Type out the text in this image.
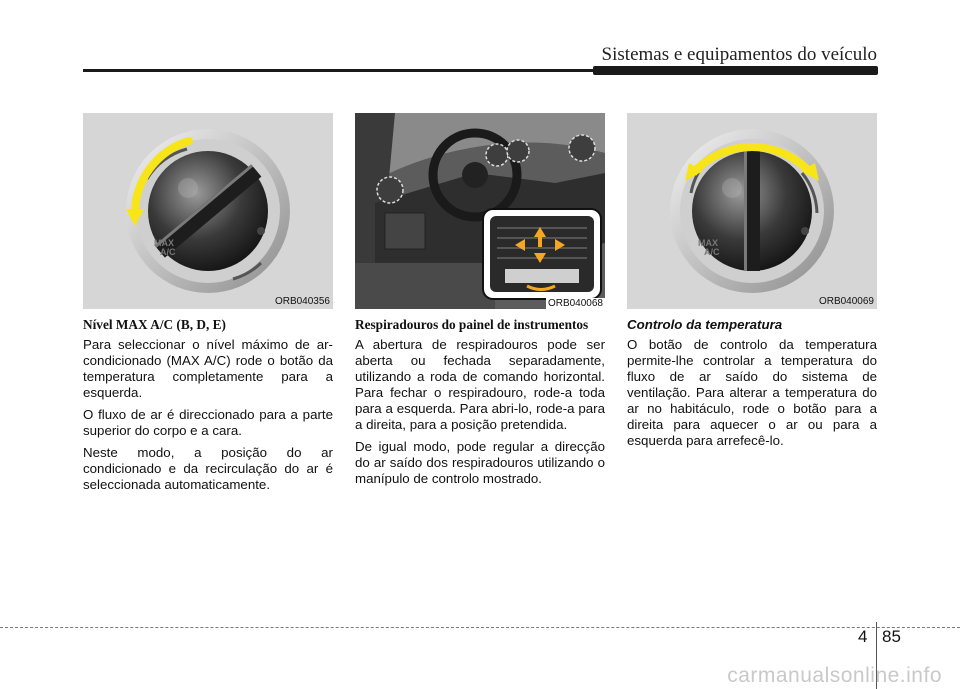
Sistemas e equipamentos do veículo
MAX
A/C
ORB040356	ORB040068
MAX
A/C
ORB040069
Nível MAX A/C (B, D, E)

Para seleccionar o nível máximo de ar-condicionado (MAX A/C) rode o botão da temperatura completamente para a esquerda.

O fluxo de ar é direccionado para a parte superior do corpo e a cara.

Neste modo, a posição do ar condicionado e da recirculação do ar é seleccionada automaticamente.

Respiradouros do painel de instrumentos

A abertura de respiradouros pode ser aberta ou fechada separadamente, utilizando a roda de comando horizontal. Para fechar o respiradouro, rode-a toda para a esquerda. Para abri-lo, rode-a para a direita, para a posição pretendida.

De igual modo, pode regular a direcção do ar saído dos respiradouros utilizando o manípulo de controlo mostrado.

Controlo da temperatura

O botão de controlo da temperatura permite-lhe controlar a temperatura do fluxo de ar saído do sistema de ventilação. Para alterar a temperatura do ar no habitáculo, rode o botão para a direita para aquecer o ar ou para a esquerda para arrefecê-lo.

4 85
carmanualsonline.info
